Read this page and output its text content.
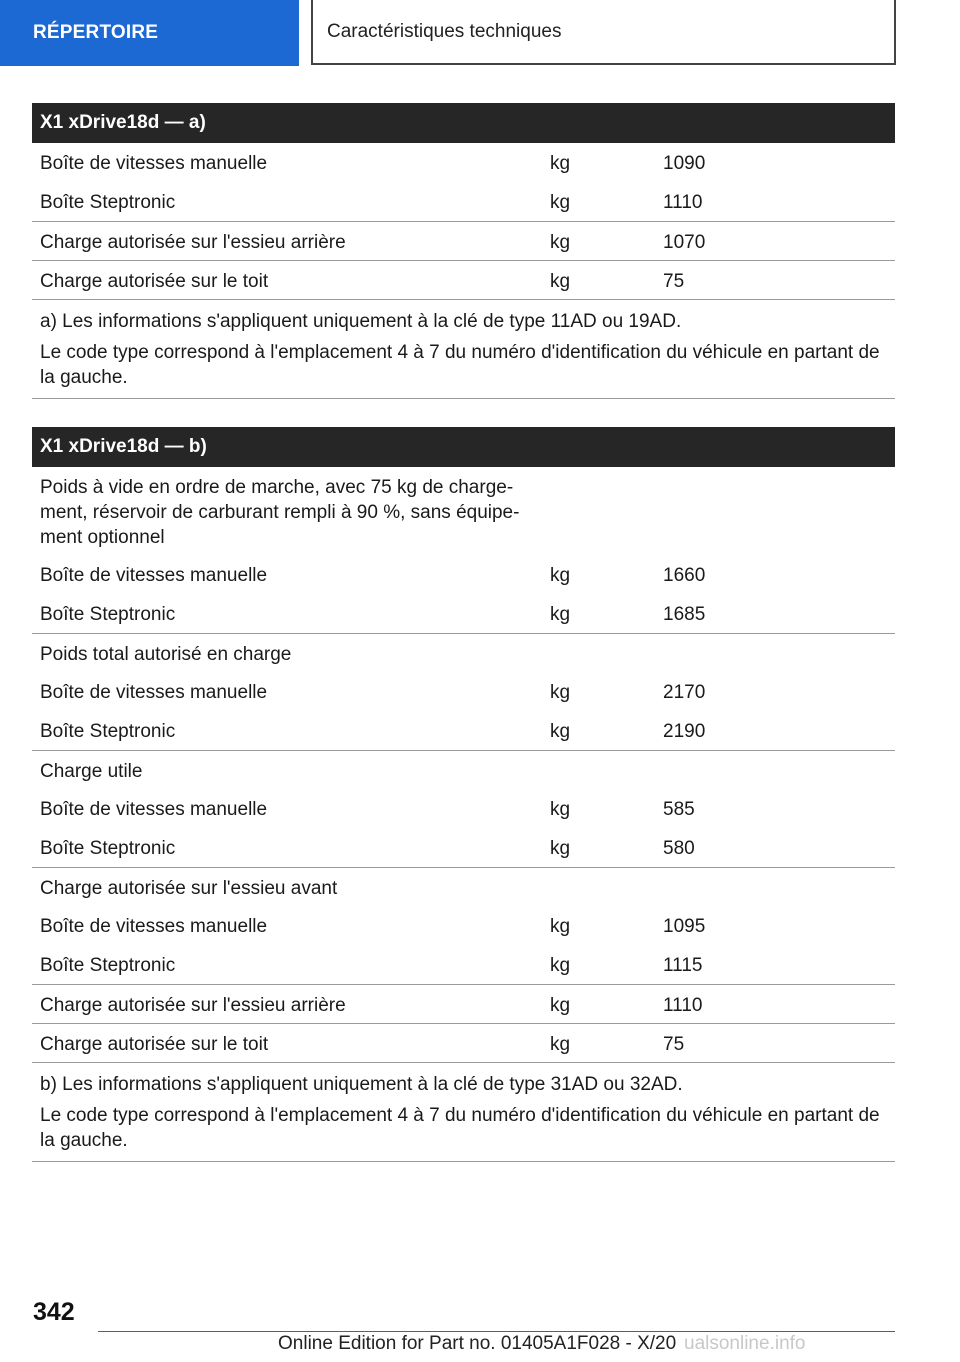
RÉPERTOIRE	Caractéristiques techniques
X1 xDrive18d — a)		
Boîte de vitesses manuelle	kg	1090
Boîte Steptronic	kg	1110
Charge autorisée sur l'essieu arrière	kg	1070
Charge autorisée sur le toit	kg	75

a) Les informations s'appliquent uniquement à la clé de type 11AD ou 19AD.

Le code type correspond à l'emplacement 4 à 7 du numéro d'identification du véhicule en partant de la gauche.		

X1 xDrive18d — b)		
Poids à vide en ordre de marche, avec 75 kg de charge-ment, réservoir de carburant rempli à 90 %, sans équipe-ment optionnel		
Boîte de vitesses manuelle	kg	1660
Boîte Steptronic	kg	1685
Poids total autorisé en charge		
Boîte de vitesses manuelle	kg	2170
Boîte Steptronic	kg	2190
Charge utile		
Boîte de vitesses manuelle	kg	585
Boîte Steptronic	kg	580
Charge autorisée sur l'essieu avant		
Boîte de vitesses manuelle	kg	1095
Boîte Steptronic	kg	1115
Charge autorisée sur l'essieu arrière	kg	1110
Charge autorisée sur le toit	kg	75

b) Les informations s'appliquent uniquement à la clé de type 31AD ou 32AD.

Le code type correspond à l'emplacement 4 à 7 du numéro d'identification du véhicule en partant de la gauche.		

342
Online Edition for Part no. 01405A1F028 - X/20 ualsonline.info
